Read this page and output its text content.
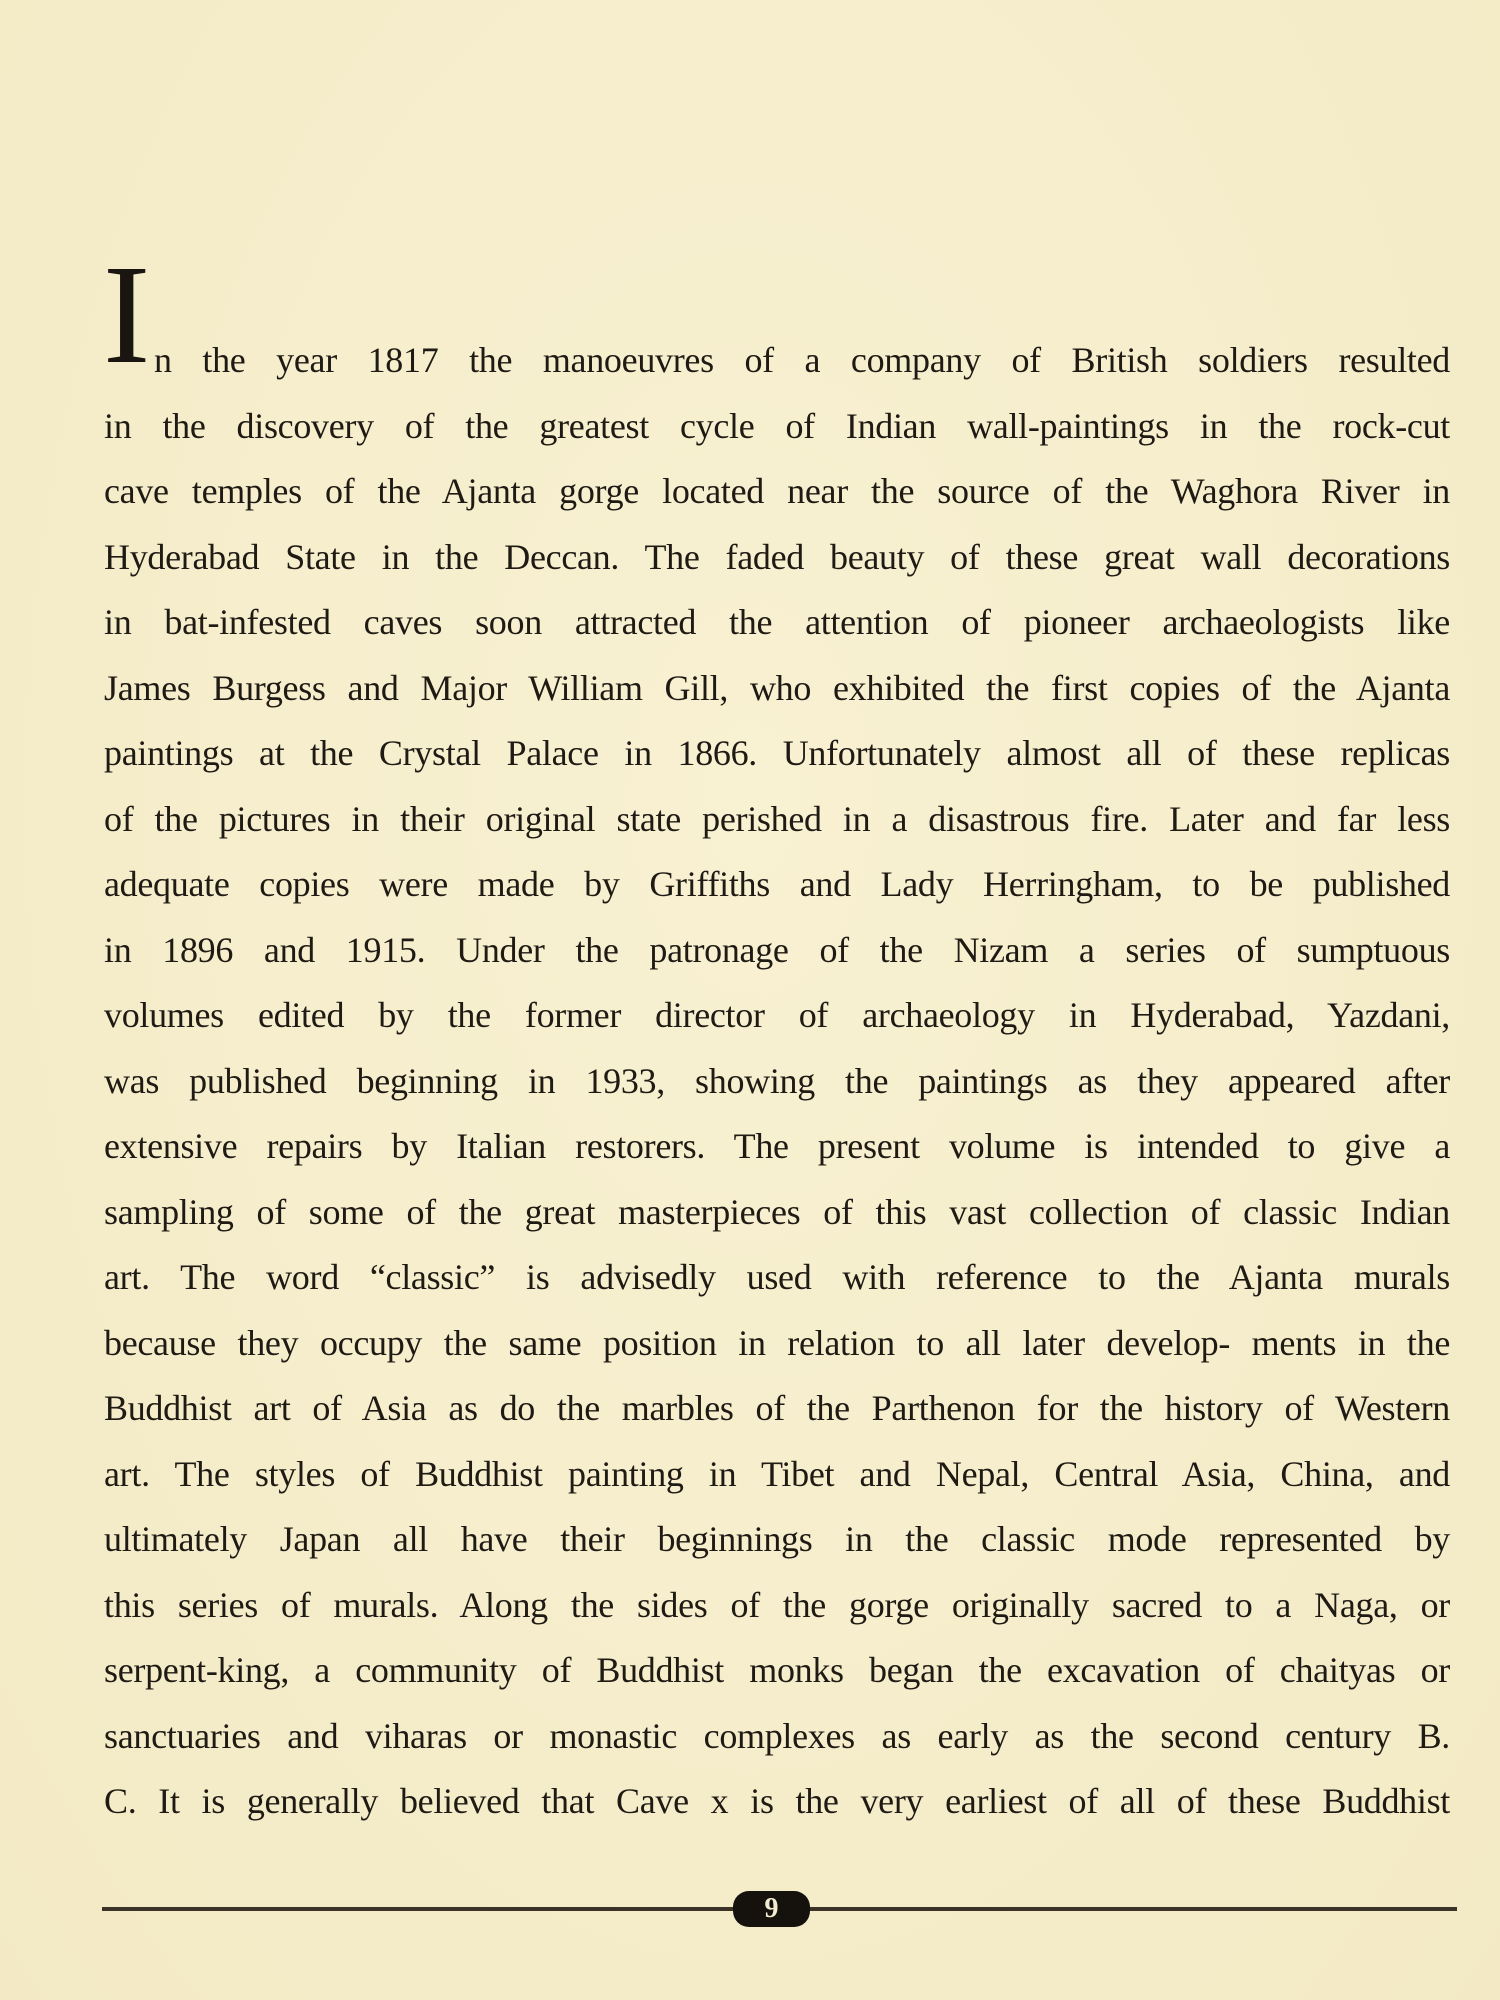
I n the year 1817 the manoeuvres of a company of British soldiers resulted
in the discovery of the greatest cycle of Indian wall-paintings in the rock-cut
cave temples of the Ajanta gorge located near the source of the Waghora River in
Hyderabad State in the Deccan. The faded beauty of these great wall decorations
in bat-infested caves soon attracted the attention of pioneer archaeologists like
James Burgess and Major William Gill, who exhibited the first copies of the Ajanta
paintings at the Crystal Palace in 1866. Unfortunately almost all of these replicas
of the pictures in their original state perished in a disastrous fire. Later and far less
adequate copies were made by Griffiths and Lady Herringham, to be published
in 1896 and 1915. Under the patronage of the Nizam a series of sumptuous
volumes edited by the former director of archaeology in Hyderabad, Yazdani,
was published beginning in 1933, showing the paintings as they appeared after
extensive repairs by Italian restorers. The present volume is intended to give a
sampling of some of the great masterpieces of this vast collection of classic Indian
art. The word “classic” is advisedly used with reference to the Ajanta murals
because they occupy the same position in relation to all later develop- ments in the
Buddhist art of Asia as do the marbles of the Parthenon for the history of Western
art. The styles of Buddhist painting in Tibet and Nepal, Central Asia, China, and
ultimately Japan all have their beginnings in the classic mode represented by
this series of murals. Along the sides of the gorge originally sacred to a Naga, or
serpent-king, a community of Buddhist monks began the excavation of chaityas or
sanctuaries and viharas or monastic complexes as early as the second century B.
C. It is generally believed that Cave x is the very earliest of all of these Buddhist
9
